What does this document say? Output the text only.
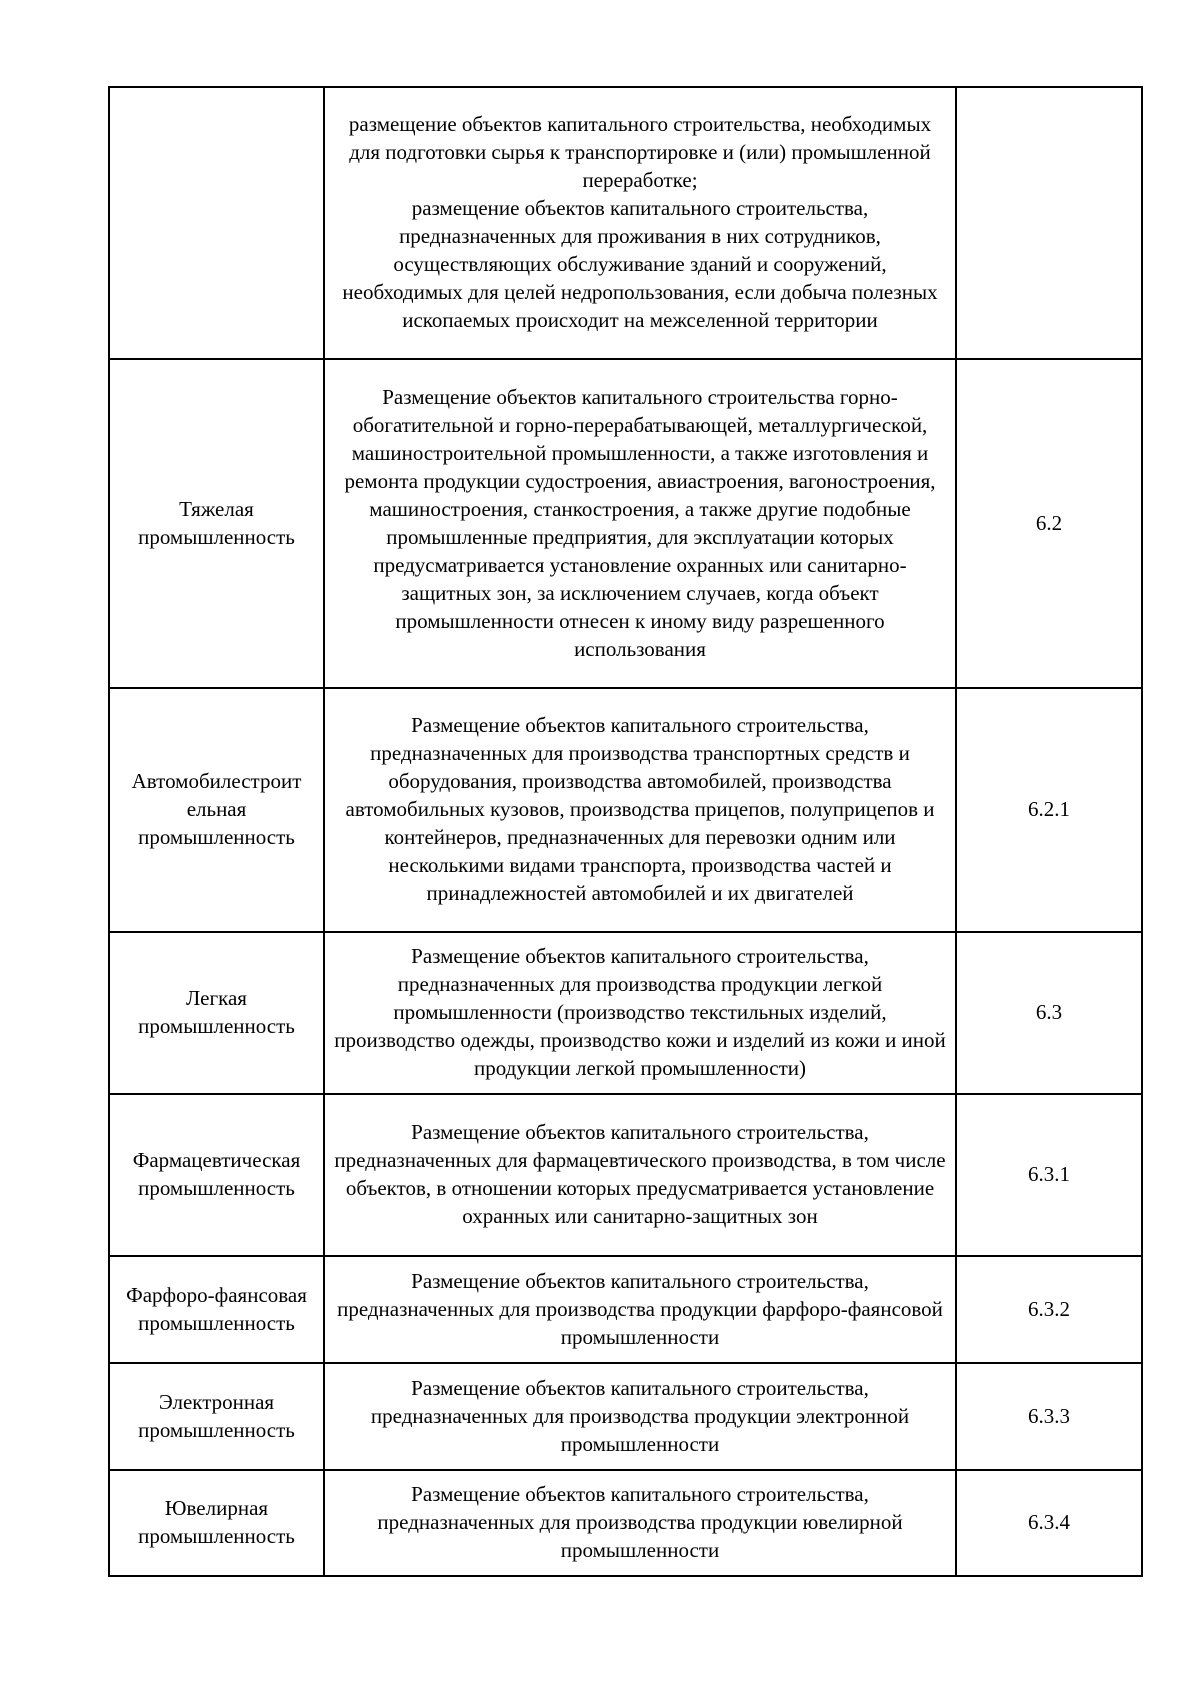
	размещение объектов капитального строительства, необходимых для подготовки сырья к транспортировке и (или) промышленной переработке;
размещение объектов капитального строительства, предназначенных для проживания в них сотрудников, осуществляющих обслуживание зданий и сооружений, необходимых для целей недропользования, если добыча полезных ископаемых происходит на межселенной территории	

Тяжелая промышленность	Размещение объектов капитального строительства горно-обогатительной и горно-перерабатывающей, металлургической, машиностроительной промышленности, а также изготовления и ремонта продукции судостроения, авиастроения, вагоностроения, машиностроения, станкостроения, а также другие подобные промышленные предприятия, для эксплуатации которых предусматривается установление охранных или санитарно-защитных зон, за исключением случаев, когда объект промышленности отнесен к иному виду разрешенного использования	6.2

Автомобилестроит ельная промышленность	Размещение объектов капитального строительства, предназначенных для производства транспортных средств и оборудования, производства автомобилей, производства автомобильных кузовов, производства прицепов, полуприцепов и контейнеров, предназначенных для перевозки одним или несколькими видами транспорта, производства частей и принадлежностей автомобилей и их двигателей	6.2.1

Легкая промышленность	Размещение объектов капитального строительства, предназначенных для производства продукции легкой промышленности (производство текстильных изделий, производство одежды, производство кожи и изделий из кожи и иной продукции легкой промышленности)	6.3

Фармацевтическая промышленность	Размещение объектов капитального строительства, предназначенных для фармацевтического производства, в том числе объектов, в отношении которых предусматривается установление охранных или санитарно-защитных зон	6.3.1

Фарфоро-фаянсовая промышленность	Размещение объектов капитального строительства, предназначенных для производства продукции фарфоро-фаянсовой промышленности	6.3.2

Электронная промышленность	Размещение объектов капитального строительства, предназначенных для производства продукции электронной промышленности	6.3.3

Ювелирная промышленность	Размещение объектов капитального строительства, предназначенных для производства продукции ювелирной промышленности	6.3.4
